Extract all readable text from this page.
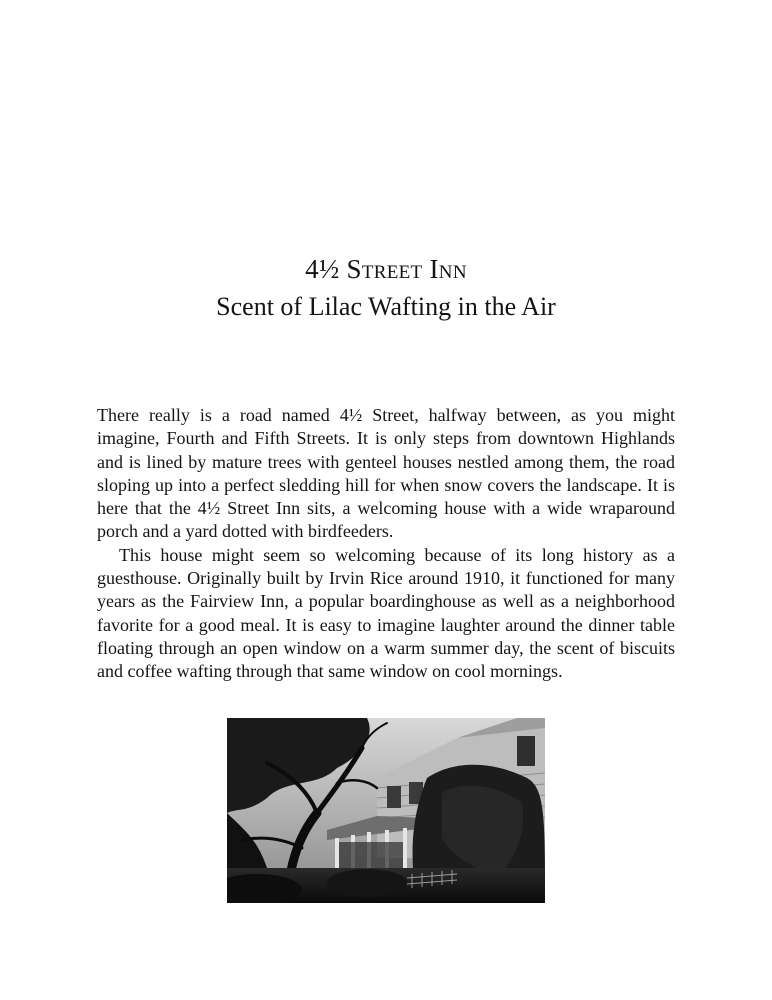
4½ Street Inn
Scent of Lilac Wafting in the Air

There really is a road named 4½ Street, halfway between, as you might imagine, Fourth and Fifth Streets. It is only steps from downtown Highlands and is lined by mature trees with genteel houses nestled among them, the road sloping up into a perfect sledding hill for when snow covers the landscape. It is here that the 4½ Street Inn sits, a welcoming house with a wide wraparound porch and a yard dotted with birdfeeders.

This house might seem so welcoming because of its long history as a guesthouse. Originally built by Irvin Rice around 1910, it functioned for many years as the Fairview Inn, a popular boardinghouse as well as a neighborhood favorite for a good meal. It is easy to imagine laughter around the dinner table floating through an open window on a warm summer day, the scent of biscuits and coffee wafting through that same window on cool mornings.
